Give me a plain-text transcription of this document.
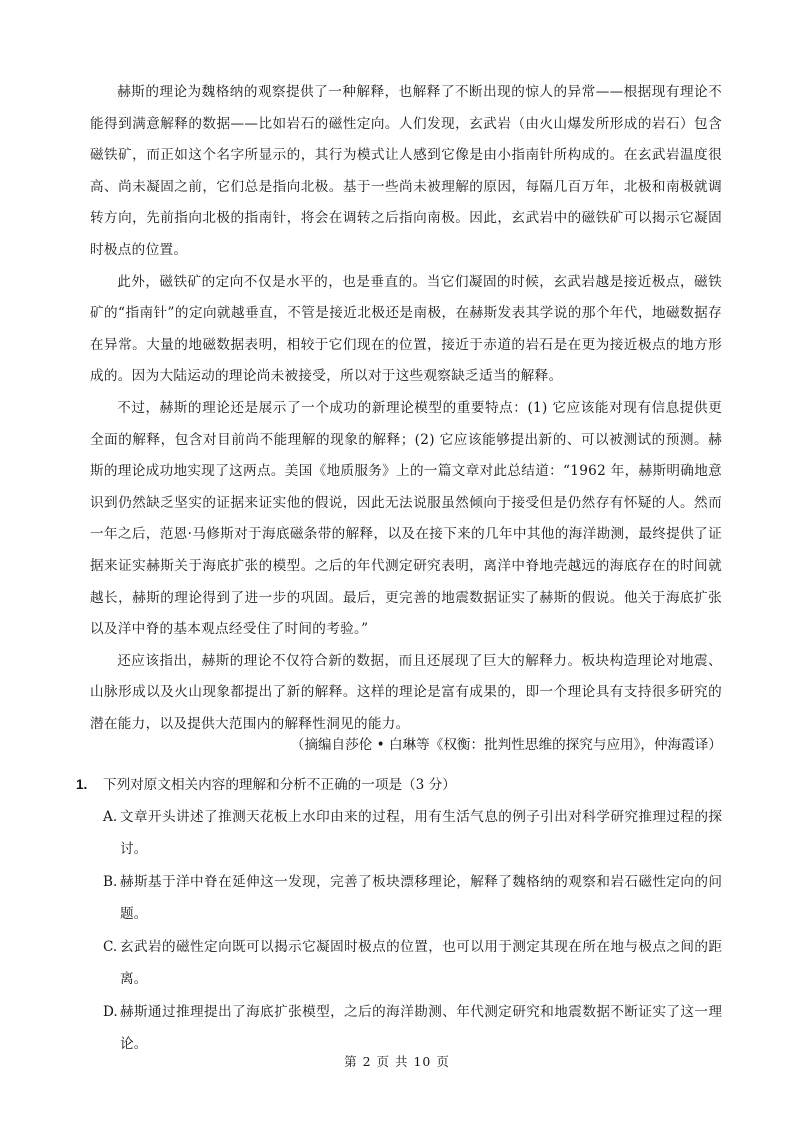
赫斯的理论为魏格纳的观察提供了一种解释，也解释了不断出现的惊人的异常——根据现有理论不能得到满意解释的数据——比如岩石的磁性定向。人们发现，玄武岩（由火山爆发所形成的岩石）包含磁铁矿，而正如这个名字所显示的，其行为模式让人感到它像是由小指南针所构成的。在玄武岩温度很高、尚未凝固之前，它们总是指向北极。基于一些尚未被理解的原因，每隔几百万年，北极和南极就调转方向，先前指向北极的指南针，将会在调转之后指向南极。因此，玄武岩中的磁铁矿可以揭示它凝固时极点的位置。

此外，磁铁矿的定向不仅是水平的，也是垂直的。当它们凝固的时候，玄武岩越是接近极点，磁铁矿的“指南针”的定向就越垂直，不管是接近北极还是南极，在赫斯发表其学说的那个年代，地磁数据存在异常。大量的地磁数据表明，相较于它们现在的位置，接近于赤道的岩石是在更为接近极点的地方形成的。因为大陆运动的理论尚未被接受，所以对于这些观察缺乏适当的解释。

不过，赫斯的理论还是展示了一个成功的新理论模型的重要特点：(1) 它应该能对现有信息提供更全面的解释，包含对目前尚不能理解的现象的解释；(2) 它应该能够提出新的、可以被测试的预测。赫斯的理论成功地实现了这两点。美国《地质服务》上的一篇文章对此总结道：“1962 年，赫斯明确地意识到仍然缺乏坚实的证据来证实他的假说，因此无法说服虽然倾向于接受但是仍然存有怀疑的人。然而一年之后，范恩·马修斯对于海底磁条带的解释，以及在接下来的几年中其他的海洋勘测，最终提供了证据来证实赫斯关于海底扩张的模型。之后的年代测定研究表明，离洋中脊地壳越远的海底存在的时间就越长，赫斯的理论得到了进一步的巩固。最后，更完善的地震数据证实了赫斯的假说。他关于海底扩张以及洋中脊的基本观点经受住了时间的考验。”

还应该指出，赫斯的理论不仅符合新的数据，而且还展现了巨大的解释力。板块构造理论对地震、山脉形成以及火山现象都提出了新的解释。这样的理论是富有成果的，即一个理论具有支持很多研究的潜在能力，以及提供大范围内的解释性洞见的能力。

（摘编自莎伦 • 白琳等《权衡：批判性思维的探究与应用》，仲海霞译）

1. 下列对原文相关内容的理解和分析不正确的一项是（3 分）

A. 文章开头讲述了推测天花板上水印由来的过程，用有生活气息的例子引出对科学研究推理过程的探讨。

B. 赫斯基于洋中脊在延伸这一发现，完善了板块漂移理论，解释了魏格纳的观察和岩石磁性定向的问题。

C. 玄武岩的磁性定向既可以揭示它凝固时极点的位置，也可以用于测定其现在所在地与极点之间的距离。

D. 赫斯通过推理提出了海底扩张模型，之后的海洋勘测、年代测定研究和地震数据不断证实了这一理论。

第 2 页 共 10 页
